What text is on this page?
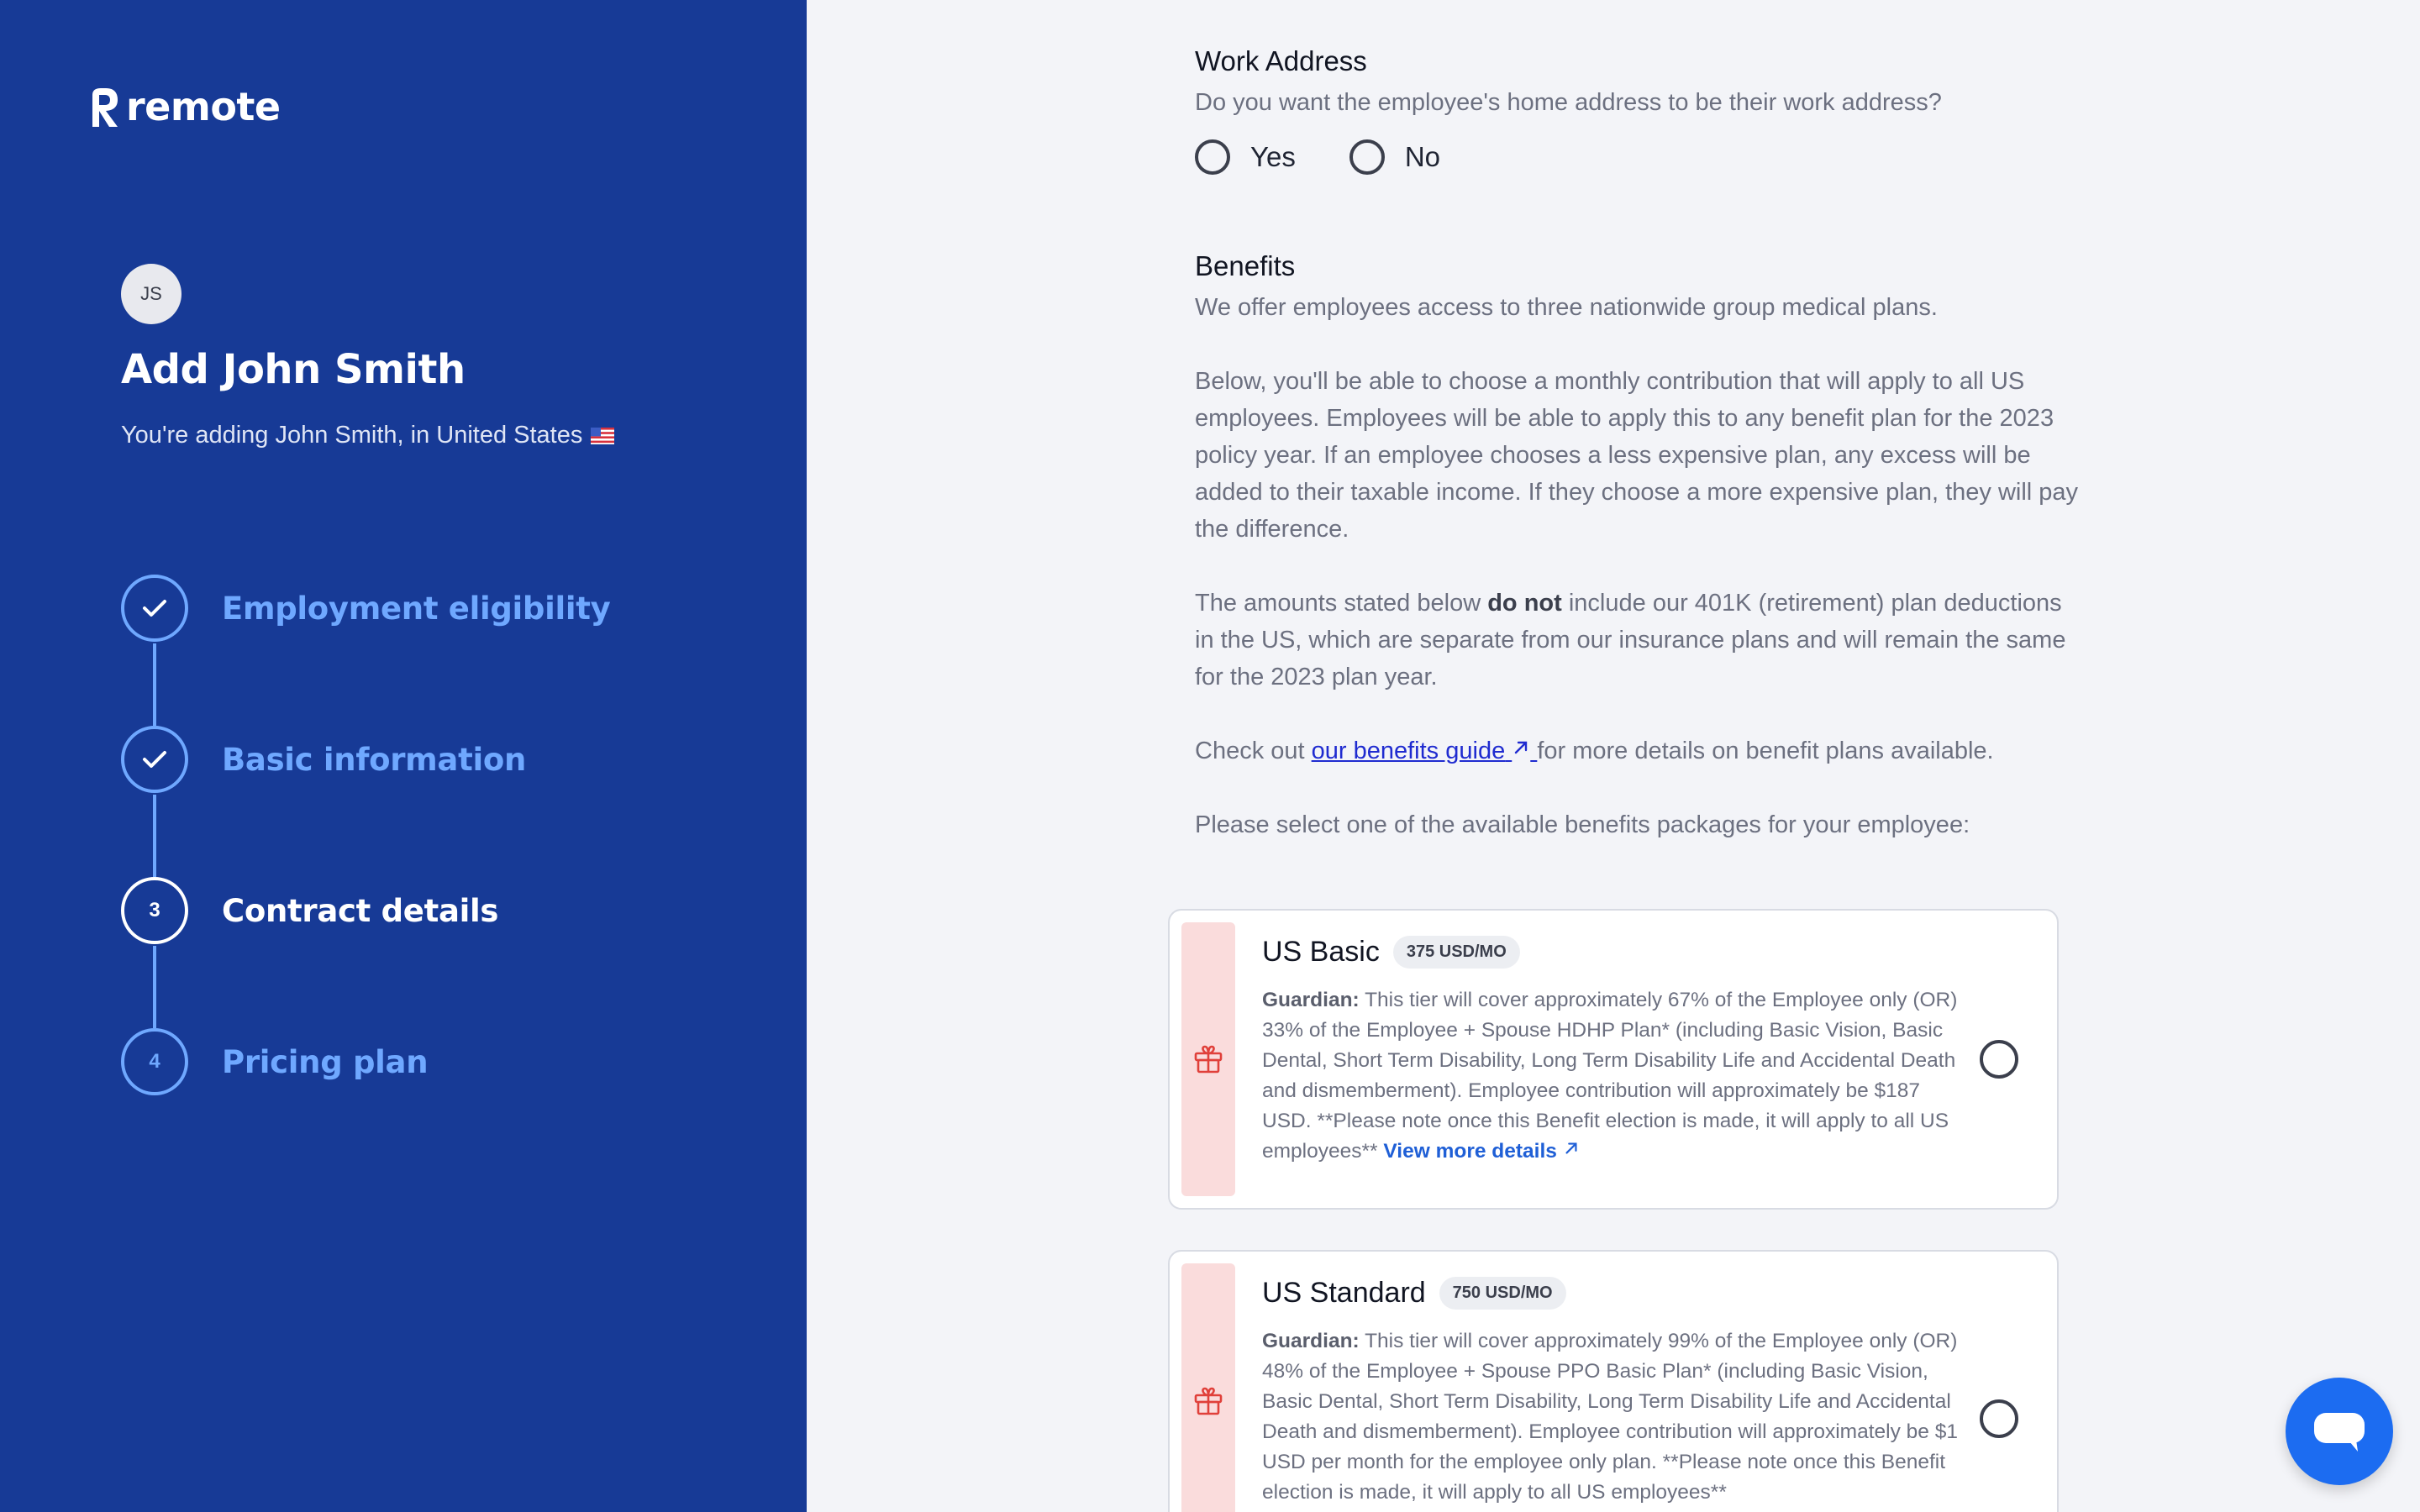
remote
JS
Add John Smith
You're adding John Smith, in United States
Employment eligibility
Basic information
3	Contract details
4	Pricing plan
Work Address

Do you want the employee's home address to be their work address?

Yes	No
Benefits

We offer employees access to three nationwide group medical plans.

Below, you'll be able to choose a monthly contribution that will apply to all US employees. Employees will be able to apply this to any benefit plan for the 2023 policy year. If an employee chooses a less expensive plan, any excess will be added to their taxable income. If they choose a more expensive plan, they will pay the difference.

The amounts stated below do not include our 401K (retirement) plan deductions in the US, which are separate from our insurance plans and will remain the same for the 2023 plan year.

Check out our benefits guide for more details on benefit plans available.

Please select one of the available benefits packages for your employee:

US Basic	375 USD/MO

Guardian: This tier will cover approximately 67% of the Employee only (OR) 33% of the Employee + Spouse HDHP Plan* (including Basic Vision, Basic Dental, Short Term Disability, Long Term Disability Life and Accidental Death and dismemberment). Employee contribution will approximately be $187 USD. **Please note once this Benefit election is made, it will apply to all US employees** View more details

US Standard	750 USD/MO

Guardian: This tier will cover approximately 99% of the Employee only (OR) 48% of the Employee + Spouse PPO Basic Plan* (including Basic Vision, Basic Dental, Short Term Disability, Long Term Disability Life and Accidental Death and dismemberment). Employee contribution will approximately be $1 USD per month for the employee only plan. **Please note once this Benefit election is made, it will apply to all US employees**
